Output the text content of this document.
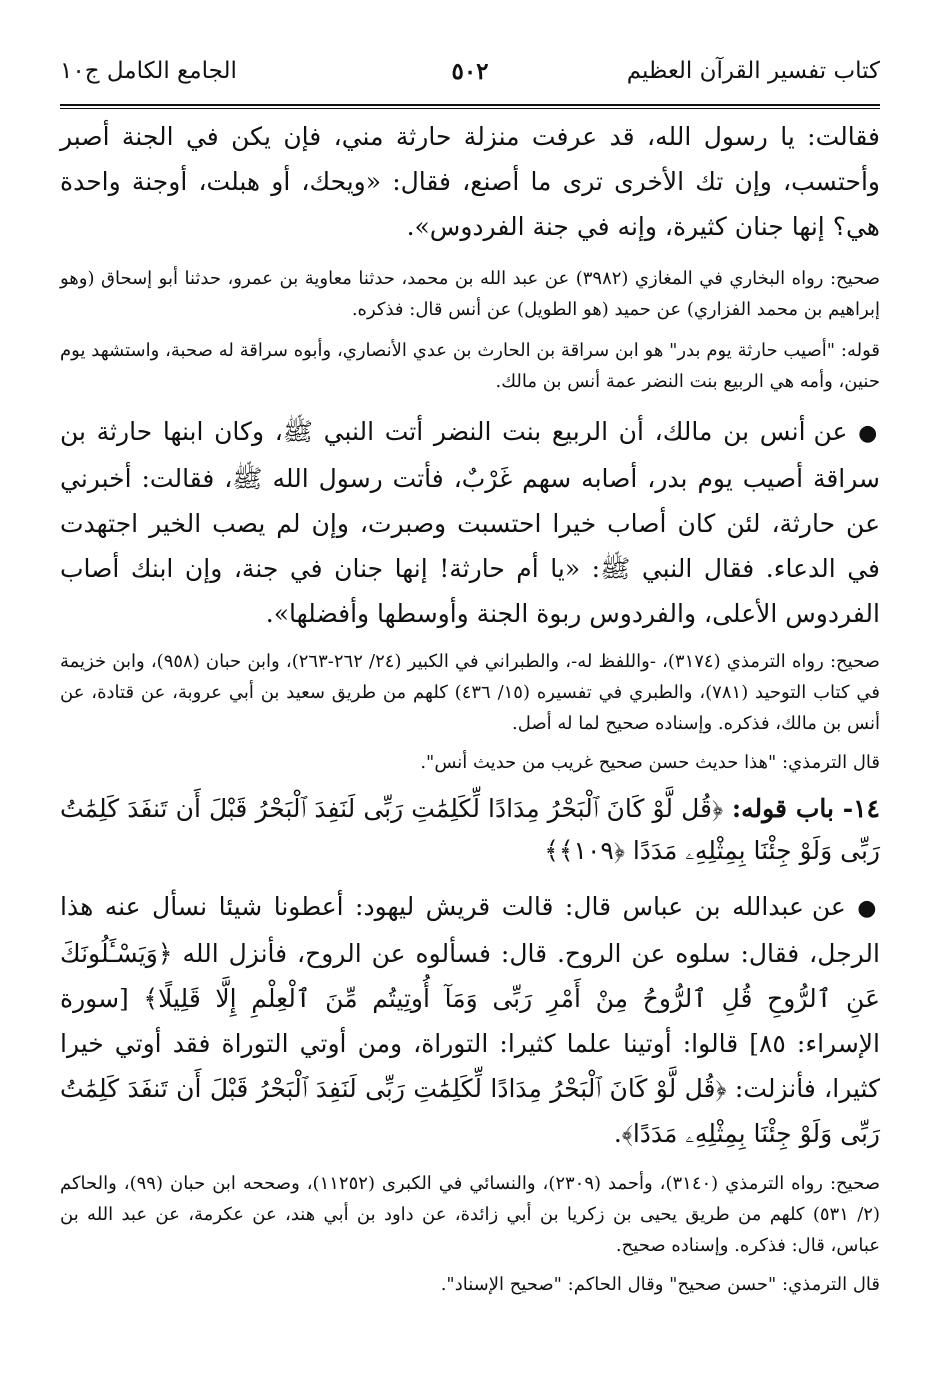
كتاب تفسير القرآن العظيم
٥٠٢
الجامع الكامل ج١٠

فقالت: يا رسول الله، قد عرفت منزلة حارثة مني، فإن يكن في الجنة أصبر وأحتسب، وإن تك الأخرى ترى ما أصنع، فقال: «ويحك، أو هبلت، أوجنة واحدة هي؟ إنها جنان كثيرة، وإنه في جنة الفردوس».

صحيح: رواه البخاري في المغازي (٣٩٨٢) عن عبد الله بن محمد، حدثنا معاوية بن عمرو، حدثنا أبو إسحاق (وهو إبراهيم بن محمد الفزاري) عن حميد (هو الطويل) عن أنس قال: فذكره.

قوله: "أصيب حارثة يوم بدر" هو ابن سراقة بن الحارث بن عدي الأنصاري، وأبوه سراقة له صحبة، واستشهد يوم حنين، وأمه هي الربيع بنت النضر عمة أنس بن مالك.

● عن أنس بن مالك، أن الربيع بنت النضر أتت النبي ﷺ، وكان ابنها حارثة بن سراقة أصيب يوم بدر، أصابه سهم غَرْبٌ، فأتت رسول الله ﷺ، فقالت: أخبرني عن حارثة، لئن كان أصاب خيرا احتسبت وصبرت، وإن لم يصب الخير اجتهدت في الدعاء. فقال النبي ﷺ: «يا أم حارثة! إنها جنان في جنة، وإن ابنك أصاب الفردوس الأعلى، والفردوس ربوة الجنة وأوسطها وأفضلها».

صحيح: رواه الترمذي (٣١٧٤)، -واللفظ له-، والطبراني في الكبير (٢٤/ ٢٦٢-٢٦٣)، وابن حبان (٩٥٨)، وابن خزيمة في كتاب التوحيد (٧٨١)، والطبري في تفسيره (١٥/ ٤٣٦) كلهم من طريق سعيد بن أبي عروبة، عن قتادة، عن أنس بن مالك، فذكره. وإسناده صحيح لما له أصل.

قال الترمذي: "هذا حديث حسن صحيح غريب من حديث أنس".

١٤- باب قوله: ﴿قُل لَّوْ كَانَ ٱلْبَحْرُ مِدَادًا لِّكَلِمَٰتِ رَبِّى لَنَفِدَ ٱلْبَحْرُ قَبْلَ أَن تَنفَدَ كَلِمَٰتُ رَبِّى وَلَوْ جِئْنَا بِمِثْلِهِۦ مَدَدًا ﴿١٠٩﴾﴾

● عن عبدالله بن عباس قال: قالت قريش ليهود: أعطونا شيئا نسأل عنه هذا الرجل، فقال: سلوه عن الروح. قال: فسألوه عن الروح، فأنزل الله ﴿وَيَسْـَٔلُونَكَ عَنِ ٱلرُّوحِ قُلِ ٱلرُّوحُ مِنْ أَمْرِ رَبِّى وَمَآ أُوتِيتُم مِّنَ ٱلْعِلْمِ إِلَّا قَلِيلًا﴾ [سورة الإسراء: ٨٥] قالوا: أوتينا علما كثيرا: التوراة، ومن أوتي التوراة فقد أوتي خيرا كثيرا، فأنزلت: ﴿قُل لَّوْ كَانَ ٱلْبَحْرُ مِدَادًا لِّكَلِمَٰتِ رَبِّى لَنَفِدَ ٱلْبَحْرُ قَبْلَ أَن تَنفَدَ كَلِمَٰتُ رَبِّى وَلَوْ جِئْنَا بِمِثْلِهِۦ مَدَدًا﴾.

صحيح: رواه الترمذي (٣١٤٠)، وأحمد (٢٣٠٩)، والنسائي في الكبرى (١١٢٥٢)، وصححه ابن حبان (٩٩)، والحاكم (٢/ ٥٣١) كلهم من طريق يحيى بن زكريا بن أبي زائدة، عن داود بن أبي هند، عن عكرمة، عن عبد الله بن عباس، قال: فذكره. وإسناده صحيح.

قال الترمذي: "حسن صحيح" وقال الحاكم: "صحيح الإسناد".
